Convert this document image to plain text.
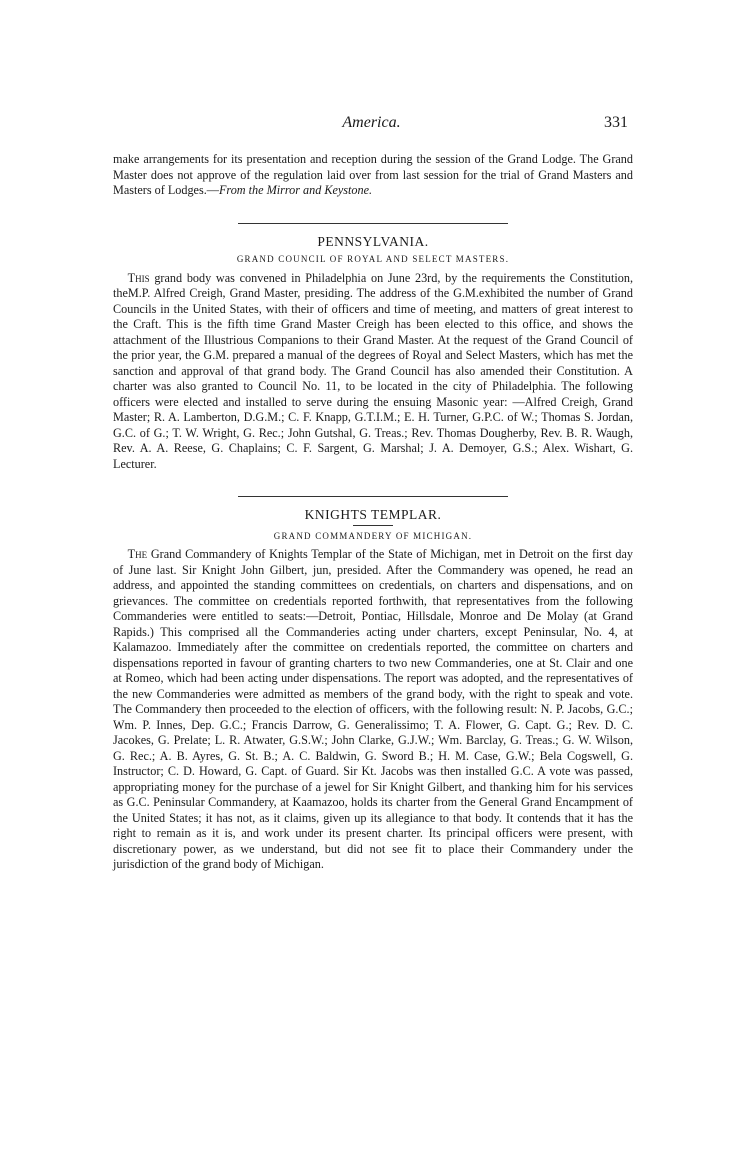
America.	331

make arrangements for its presentation and reception during the session of the Grand Lodge. The Grand Master does not approve of the regulation laid over from last session for the trial of Grand Masters and Masters of Lodges.—From the Mirror and Keystone.

PENNSYLVANIA.
GRAND COUNCIL OF ROYAL AND SELECT MASTERS.

This grand body was convened in Philadelphia on June 23rd, by the requirements the Constitution, theM.P. Alfred Creigh, Grand Master, presiding. The address of the G.M.exhibited the number of Grand Councils in the United States, with their of officers and time of meeting, and matters of great interest to the Craft. This is the fifth time Grand Master Creigh has been elected to this office, and shows the attachment of the Illustrious Companions to their Grand Master. At the request of the Grand Council of the prior year, the G.M. prepared a manual of the degrees of Royal and Select Masters, which has met the sanction and approval of that grand body. The Grand Council has also amended their Constitution. A charter was also granted to Council No. 11, to be located in the city of Philadelphia. The following officers were elected and installed to serve during the ensuing Masonic year: —Alfred Creigh, Grand Master; R. A. Lamberton, D.G.M.; C. F. Knapp, G.T.I.M.; E. H. Turner, G.P.C. of W.; Thomas S. Jordan, G.C. of G.; T. W. Wright, G. Rec.; John Gutshal, G. Treas.; Rev. Thomas Dougherby, Rev. B. R. Waugh, Rev. A. A. Reese, G. Chaplains; C. F. Sargent, G. Marshal; J. A. Demoyer, G.S.; Alex. Wishart, G. Lecturer.

KNIGHTS TEMPLAR.
GRAND COMMANDERY OF MICHIGAN.

The Grand Commandery of Knights Templar of the State of Michigan, met in Detroit on the first day of June last. Sir Knight John Gilbert, jun, presided. After the Commandery was opened, he read an address, and appointed the standing committees on credentials, on charters and dispensations, and on grievances. The committee on credentials reported forthwith, that representatives from the following Commanderies were entitled to seats:—Detroit, Pontiac, Hillsdale, Monroe and De Molay (at Grand Rapids.) This comprised all the Commanderies acting under charters, except Peninsular, No. 4, at Kalamazoo. Immediately after the committee on credentials reported, the committee on charters and dispensations reported in favour of granting charters to two new Commanderies, one at St. Clair and one at Romeo, which had been acting under dispensations. The report was adopted, and the representatives of the new Commanderies were admitted as members of the grand body, with the right to speak and vote. The Commandery then proceeded to the election of officers, with the following result: N. P. Jacobs, G.C.; Wm. P. Innes, Dep. G.C.; Francis Darrow, G. Generalissimo; T. A. Flower, G. Capt. G.; Rev. D. C. Jacokes, G. Prelate; L. R. Atwater, G.S.W.; John Clarke, G.J.W.; Wm. Barclay, G. Treas.; G. W. Wilson, G. Rec.; A. B. Ayres, G. St. B.; A. C. Baldwin, G. Sword B.; H. M. Case, G.W.; Bela Cogswell, G. Instructor; C. D. Howard, G. Capt. of Guard. Sir Kt. Jacobs was then installed G.C. A vote was passed, appropriating money for the purchase of a jewel for Sir Knight Gilbert, and thanking him for his services as G.C. Peninsular Commandery, at Kaamazoo, holds its charter from the General Grand Encampment of the United States; it has not, as it claims, given up its allegiance to that body. It contends that it has the right to remain as it is, and work under its present charter. Its principal officers were present, with discretionary power, as we understand, but did not see fit to place their Commandery under the jurisdiction of the grand body of Michigan.
